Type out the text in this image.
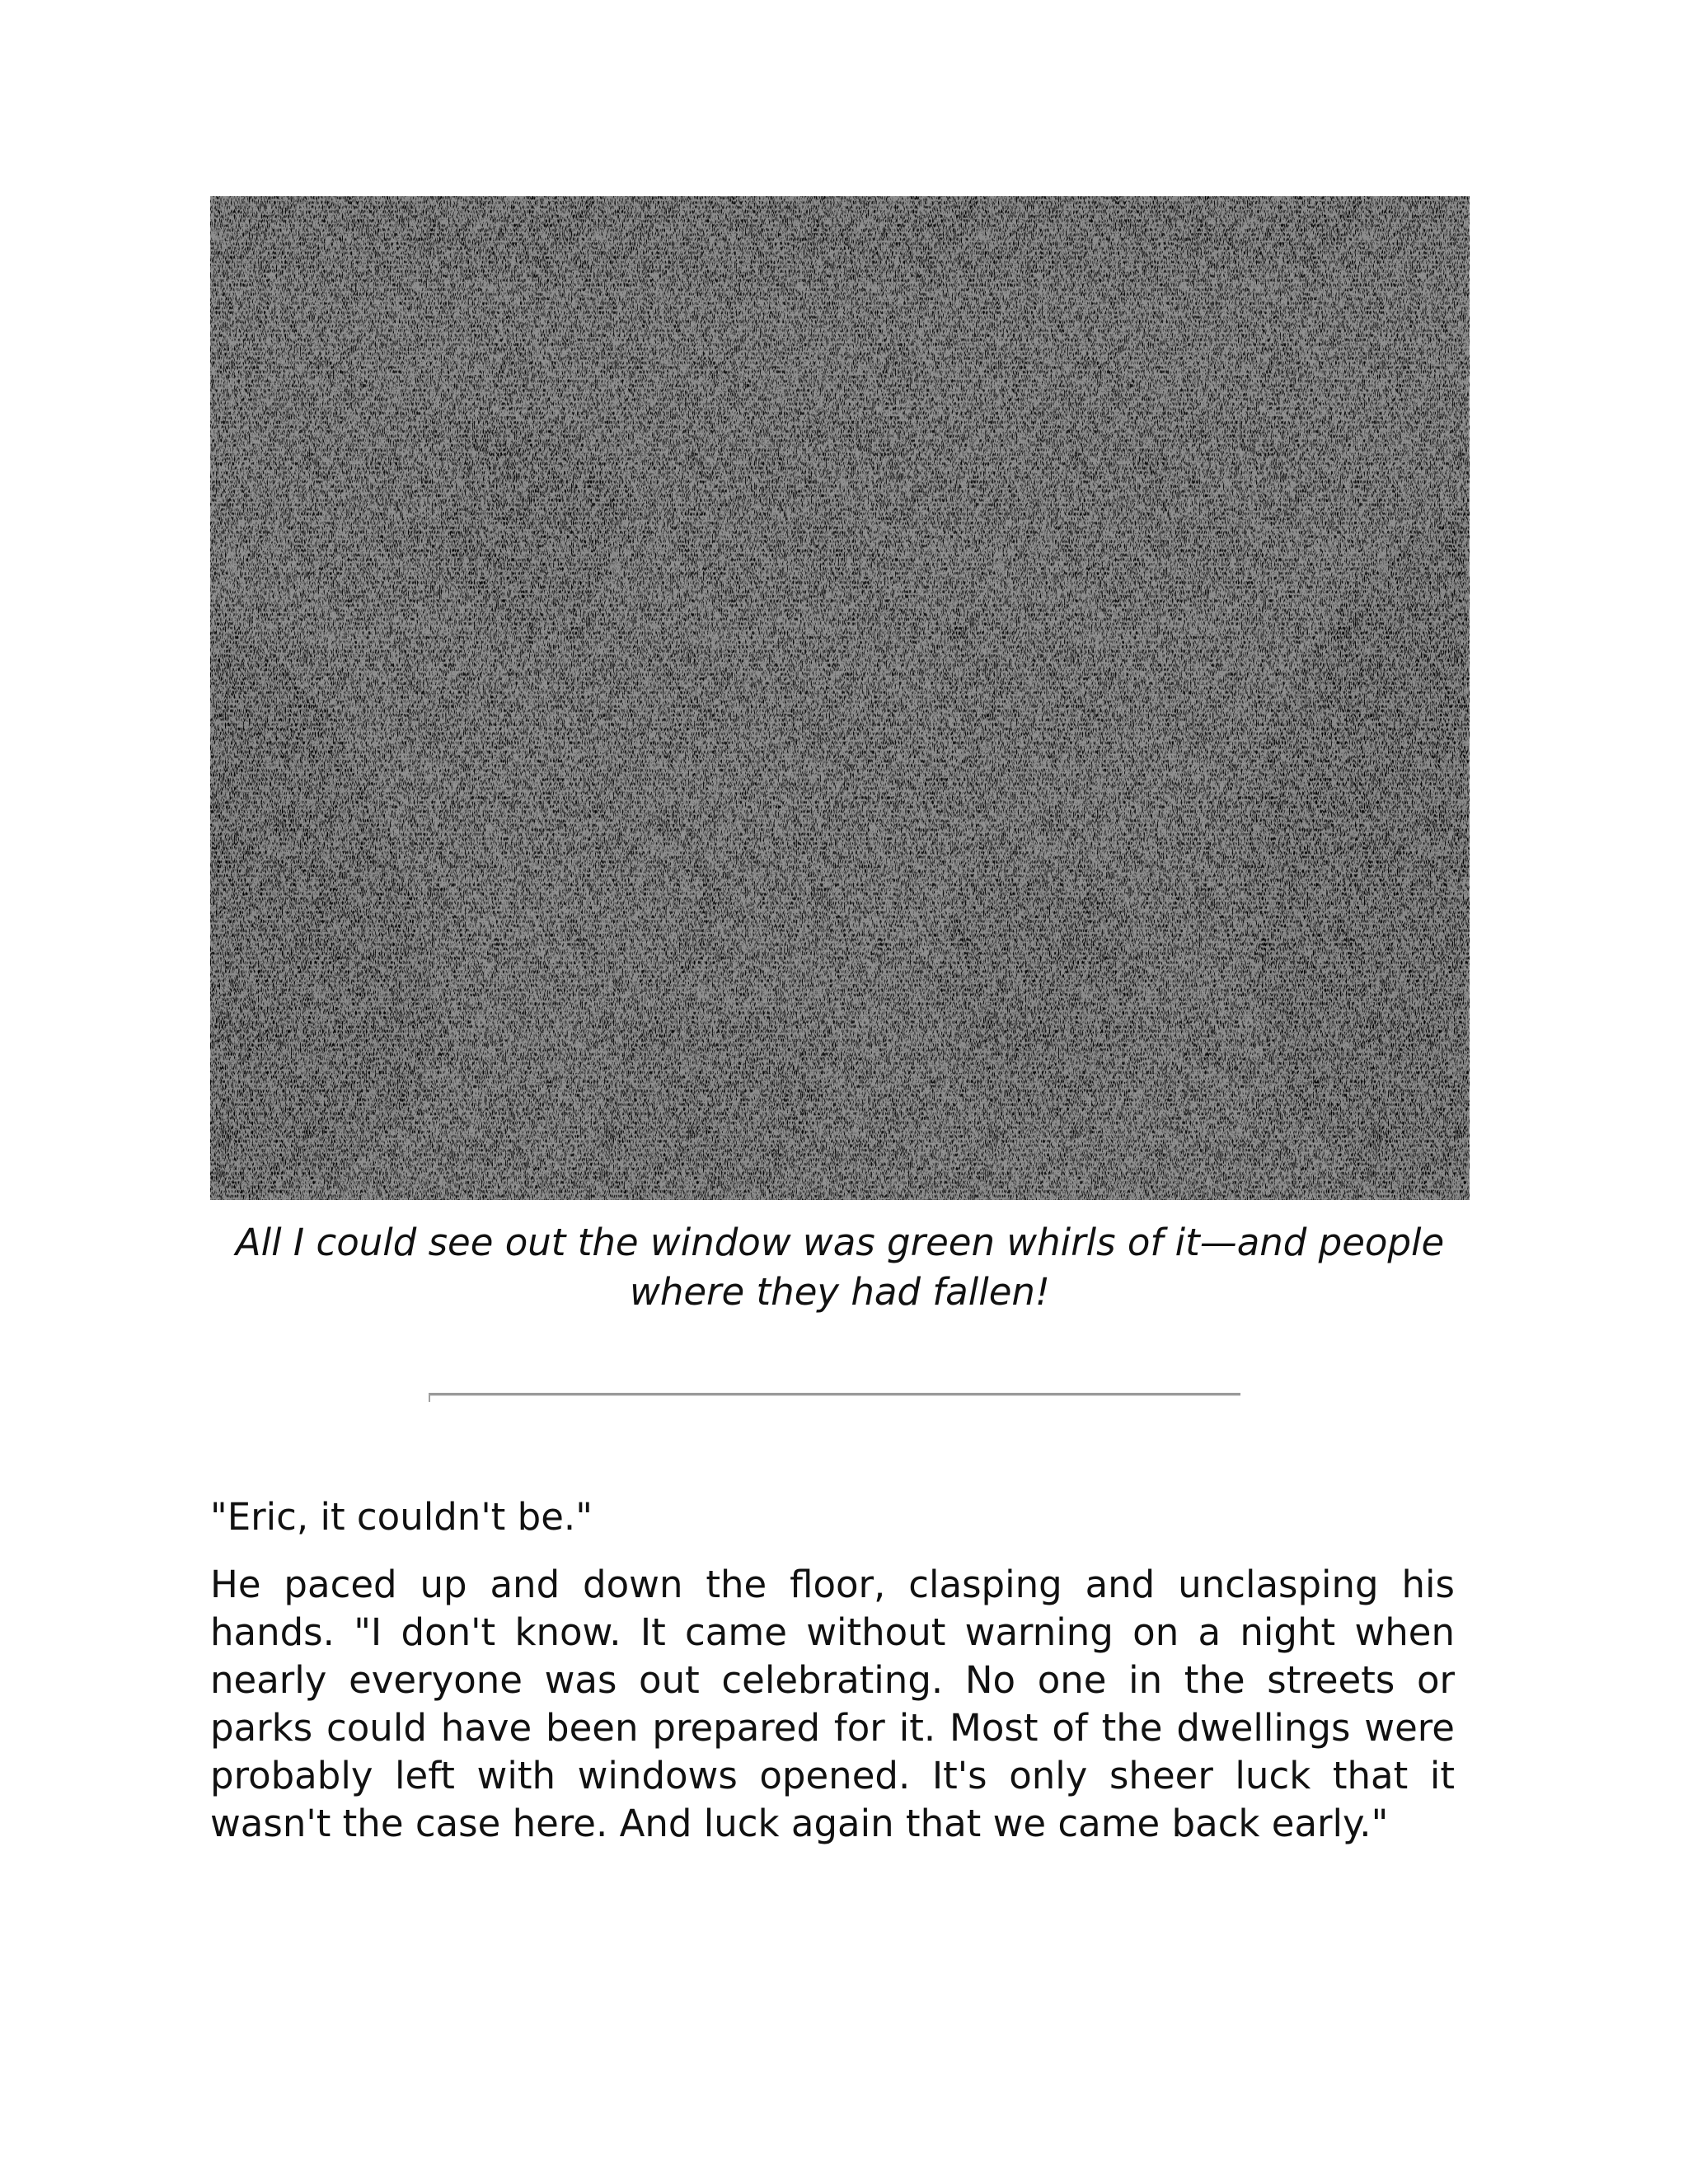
All I could see out the window was green whirls of it—and people where they had fallen!

"Eric, it couldn't be."

He paced up and down the floor, clasping and unclasping his hands. "I don't know. It came without warning on a night when nearly everyone was out celebrating. No one in the streets or parks could have been prepared for it. Most of the dwellings were probably left with windows opened. It's only sheer luck that it wasn't the case here. And luck again that we came back early."
